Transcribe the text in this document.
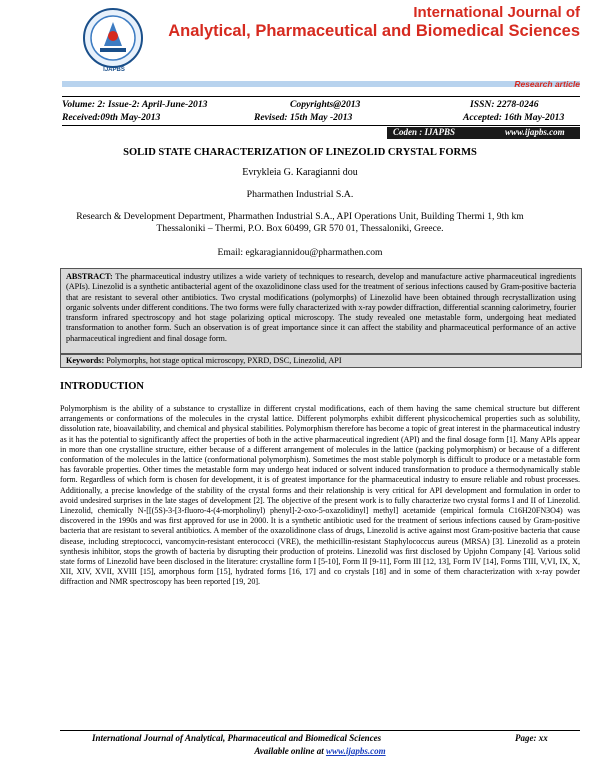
IJAPBS
International Journal of
Analytical, Pharmaceutical and Biomedical Sciences
Research article
Volume: 2: Issue-2: April-June-2013	Copyrights@2013	ISSN: 2278-0246
Received:09th May-2013	Revised: 15th May -2013	Accepted: 16th May-2013
Coden : IJAPBS	www.ijapbs.com
SOLID STATE CHARACTERIZATION OF LINEZOLID CRYSTAL FORMS
Evrykleia G. Karagianni dou
Pharmathen Industrial S.A.
Research & Development Department, Pharmathen Industrial S.A., API Operations Unit, Building Thermi 1, 9th km Thessaloniki – Thermi, P.O. Box 60499, GR 570 01, Thessaloniki, Greece.
Email: egkaragiannidou@pharmathen.com
ABSTRACT: The pharmaceutical industry utilizes a wide variety of techniques to research, develop and manufacture active pharmaceutical ingredients (APIs). Linezolid is a synthetic antibacterial agent of the oxazolidinone class used for the treatment of serious infections caused by Gram-positive bacteria that are resistant to several other antibiotics. Two crystal modifications (polymorphs) of Linezolid have been obtained through recrystallization using organic solvents under different conditions. The two forms were fully characterized with x-ray powder diffraction, differential scanning calorimetry, fourier transform infrared spectroscopy and hot stage polarizing optical microscopy. The study revealed one metastable form, undergoing heat mediated transformation to another form. Such an observation is of great importance since it can affect the stability and pharmaceutical performance of an active pharmaceutical ingredient and final dosage form.
Keywords: Polymorphs, hot stage optical microscopy, PXRD, DSC, Linezolid, API
INTRODUCTION

Polymorphism is the ability of a substance to crystallize in different crystal modifications, each of them having the same chemical structure but different arrangements or conformations of the molecules in the crystal lattice. Different polymorphs exhibit different physicochemical properties such as solubility, dissolution rate, bioavailability, and chemical and physical stabilities. Polymorphism therefore has become a topic of great interest in the pharmaceutical industry as it has the potential to significantly affect the properties of both in the active pharmaceutical ingredient (API) and the final dosage form [1]. Many APIs appear in more than one crystalline structure, either because of a different arrangement of molecules in the lattice (packing polymorphism) or because of a different conformation of the molecules in the lattice (conformational polymorphism). Sometimes the most stable polymorph is difficult to produce or a metastable form has favorable properties. Other times the metastable form may undergo heat induced or solvent induced transformation to produce a thermodynamically stable form. Regardless of which form is chosen for development, it is of greatest importance for the pharmaceutical industry to ensure reliable and robust processes. Additionally, a precise knowledge of the stability of the crystal forms and their relationship is very critical for API development and formulation in order to avoid undesired surprises in the late stages of development [2]. The objective of the present work is to fully characterize two crystal forms I and II of Linezolid. Linezolid, chemically N-[[(5S)-3-[3-fluoro-4-(4-morpholinyl) phenyl]-2-oxo-5-oxazolidinyl] methyl] acetamide (empirical formula C16H20FN3O4) was discovered in the 1990s and was first approved for use in 2000. It is a synthetic antibiotic used for the treatment of serious infections caused by Gram-positive bacteria that are resistant to several antibiotics. A member of the oxazolidinone class of drugs, Linezolid is active against most Gram-positive bacteria that cause disease, including streptococci, vancomycin-resistant enterococci (VRE), the methicillin-resistant Staphylococcus aureus (MRSA) [3]. Linezolid as a protein synthesis inhibitor, stops the growth of bacteria by disrupting their production of proteins. Linezolid was first disclosed by Upjohn Company [4]. Various solid state forms of Linezolid have been disclosed in the literature: crystalline form I [5-10], Form II [9-11], Form III [12, 13], Form IV [14], Forms TIII, V,VI, IX, X, XII, XIV, XVII, XVIII [15], amorphous form [15], hydrated forms [16, 17] and co crystals [18] and in some of them characterization with x-ray powder diffraction and NMR spectroscopy has been reported [19, 20].

International Journal of Analytical, Pharmaceutical and Biomedical Sciences	Page: xx
Available online at www.ijapbs.com
